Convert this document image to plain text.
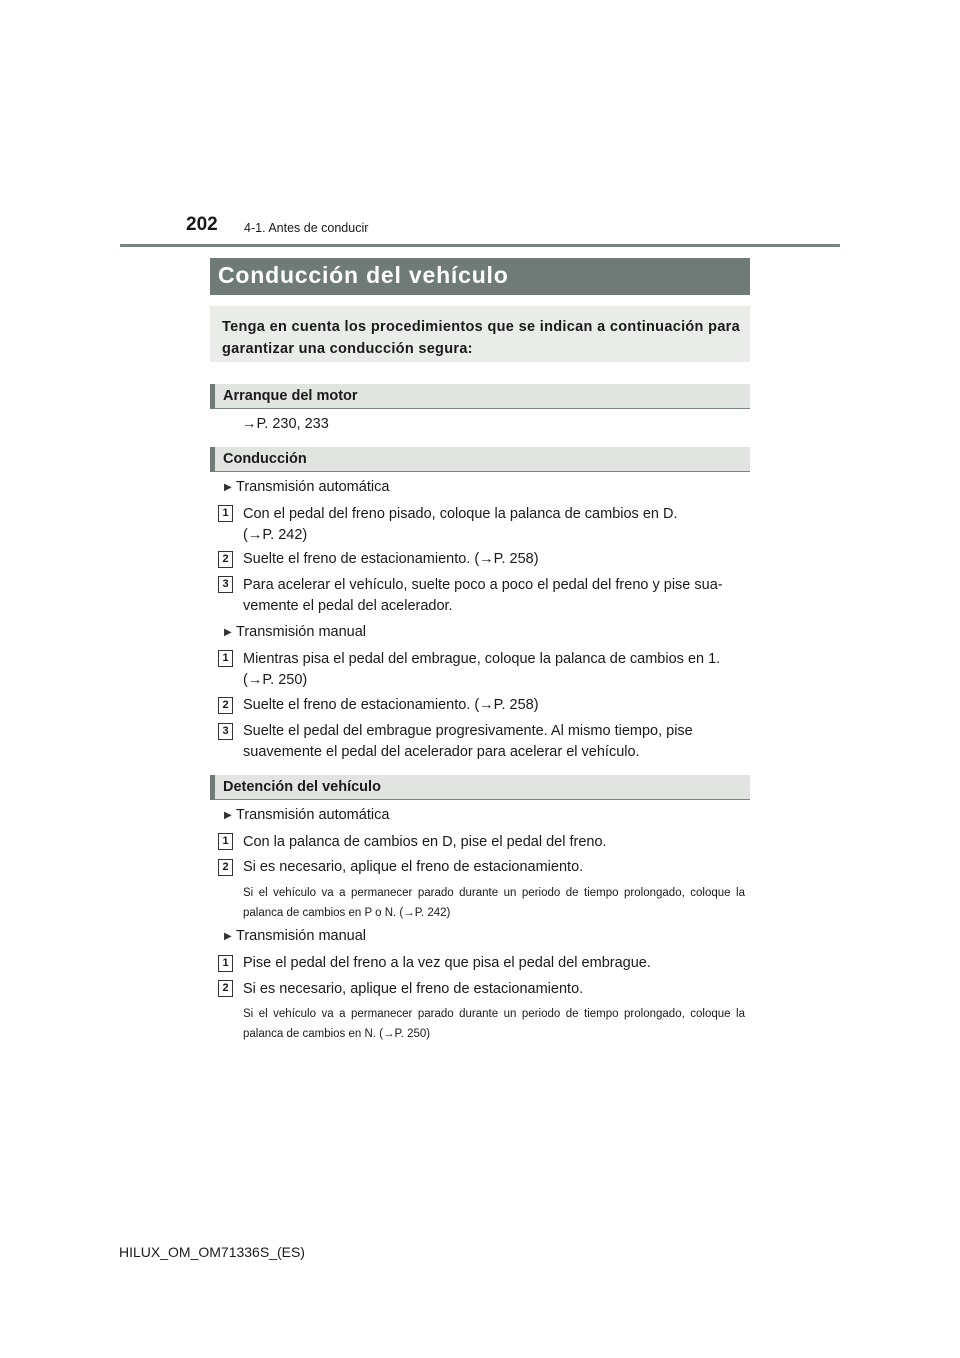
202 4-1. Antes de conducir
Conducción del vehículo

Tenga en cuenta los procedimientos que se indican a continuación para garantizar una conducción segura:

Arranque del motor
→P. 230, 233
Conducción
▶ Transmisión automática
1 Con el pedal del freno pisado, coloque la palanca de cambios en D.
(→P. 242)

2 Suelte el freno de estacionamiento. (→P. 258)

3 Para acelerar el vehículo, suelte poco a poco el pedal del freno y pise sua-
vemente el pedal del acelerador.

▶ Transmisión manual
1 Mientras pisa el pedal del embrague, coloque la palanca de cambios en 1.
(→P. 250)

2 Suelte el freno de estacionamiento. (→P. 258)

3 Suelte el pedal del embrague progresivamente. Al mismo tiempo, pise
suavemente el pedal del acelerador para acelerar el vehículo.

Detención del vehículo
▶ Transmisión automática
1 Con la palanca de cambios en D, pise el pedal del freno.

2 Si es necesario, aplique el freno de estacionamiento.

Si el vehículo va a permanecer parado durante un periodo de tiempo prolongado, coloque la palanca de cambios en P o N. (→P. 242)

▶ Transmisión manual
1 Pise el pedal del freno a la vez que pisa el pedal del embrague.

2 Si es necesario, aplique el freno de estacionamiento.

Si el vehículo va a permanecer parado durante un periodo de tiempo prolongado, coloque la palanca de cambios en N. (→P. 250)

HILUX_OM_OM71336S_(ES)
